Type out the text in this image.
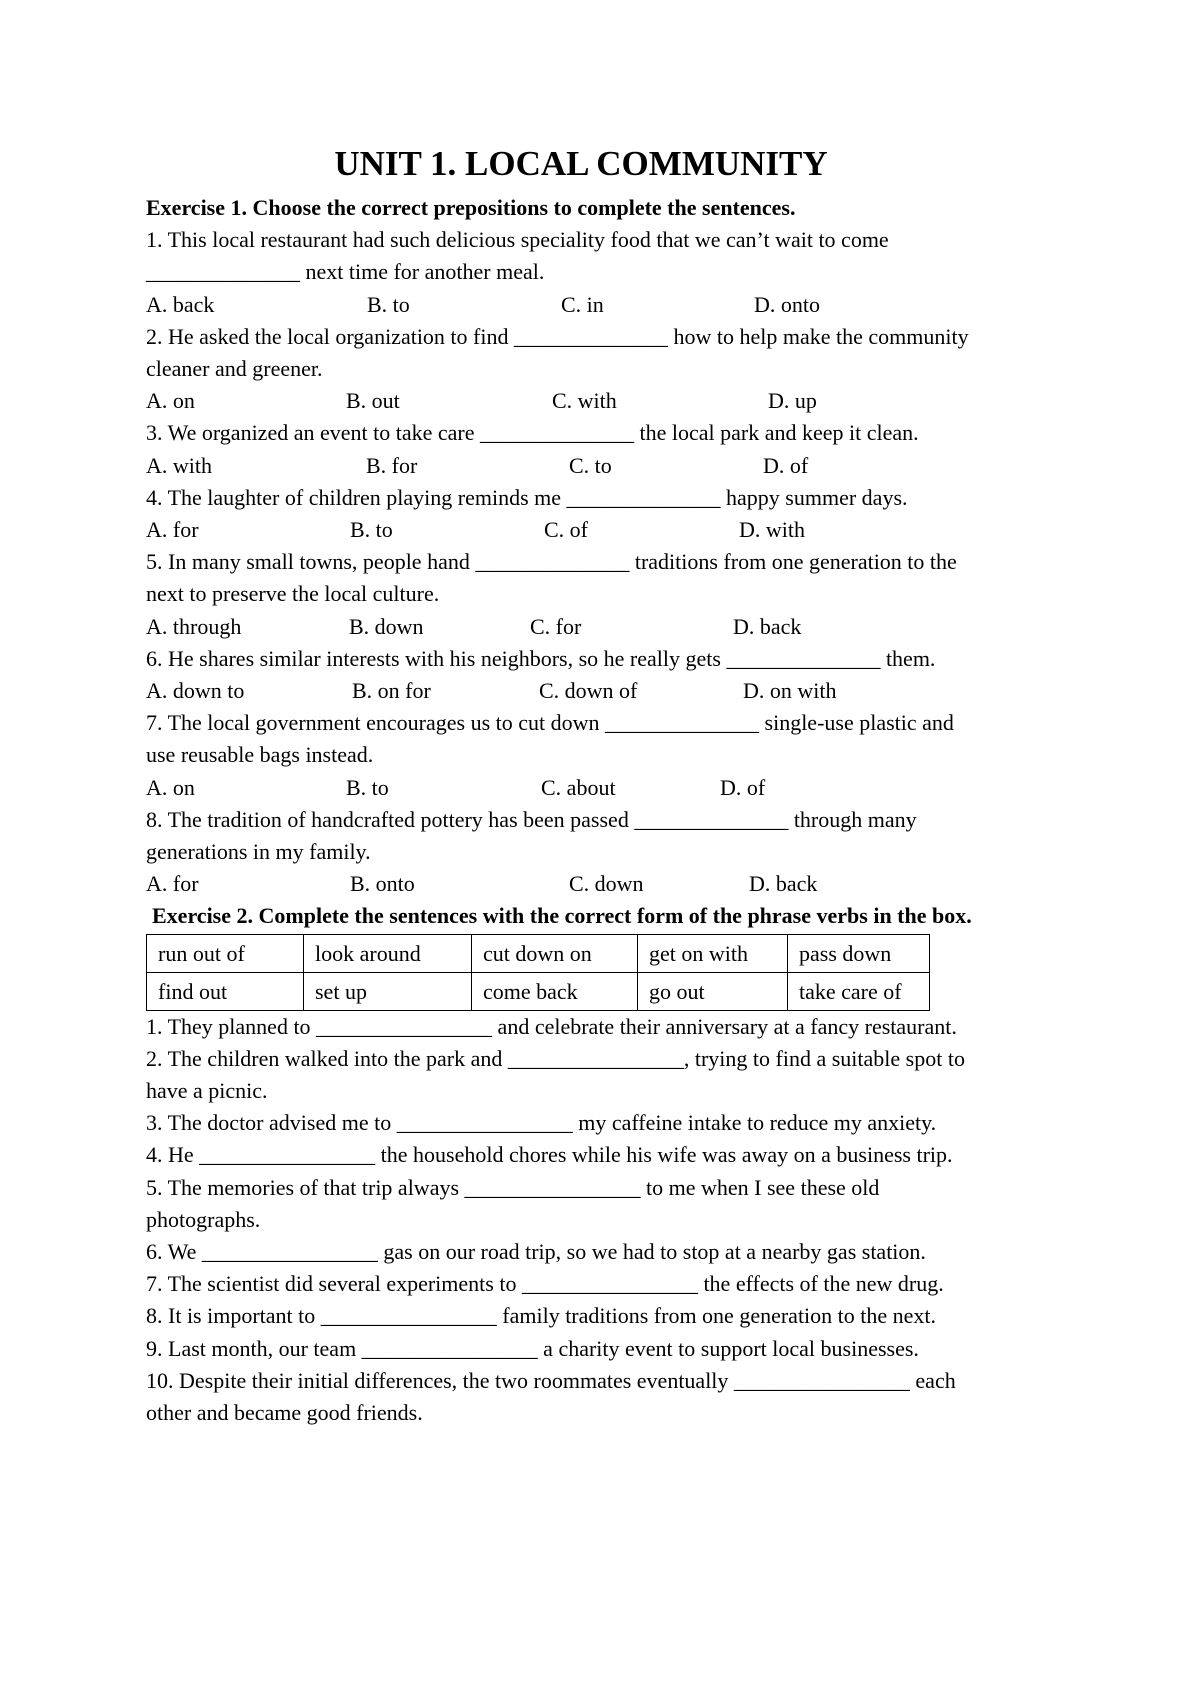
UNIT 1. LOCAL COMMUNITY
Exercise 1. Choose the correct prepositions to complete the sentences.
1. This local restaurant had such delicious speciality food that we can’t wait to come
______________ next time for another meal.
A. back	B. to	C. in	D. onto
2. He asked the local organization to find ______________ how to help make the community
cleaner and greener.
A. on	B. out	C. with	D. up
3. We organized an event to take care ______________ the local park and keep it clean.
A. with	B. for	C. to	D. of
4. The laughter of children playing reminds me ______________ happy summer days.
A. for	B. to	C. of	D. with
5. In many small towns, people hand ______________ traditions from one generation to the
next to preserve the local culture.
A. through	B. down	C. for	D. back
6. He shares similar interests with his neighbors, so he really gets ______________ them.
A. down to	B. on for	C. down of	D. on with
7. The local government encourages us to cut down ______________ single-use plastic and
use reusable bags instead.
A. on	B. to	C. about	D. of
8. The tradition of handcrafted pottery has been passed ______________ through many
generations in my family.
A. for	B. onto	C. down	D. back
Exercise 2. Complete the sentences with the correct form of the phrase verbs in the box.
run out of	look around	cut down on	get on with	pass down
find out	set up	come back	go out	take care of
1. They planned to ________________ and celebrate their anniversary at a fancy restaurant.
2. The children walked into the park and ________________, trying to find a suitable spot to
have a picnic.
3. The doctor advised me to ________________ my caffeine intake to reduce my anxiety.
4. He ________________ the household chores while his wife was away on a business trip.
5. The memories of that trip always ________________ to me when I see these old
photographs.
6. We ________________ gas on our road trip, so we had to stop at a nearby gas station.
7. The scientist did several experiments to ________________ the effects of the new drug.
8. It is important to ________________ family traditions from one generation to the next.
9. Last month, our team ________________ a charity event to support local businesses.
10. Despite their initial differences, the two roommates eventually ________________ each
other and became good friends.
